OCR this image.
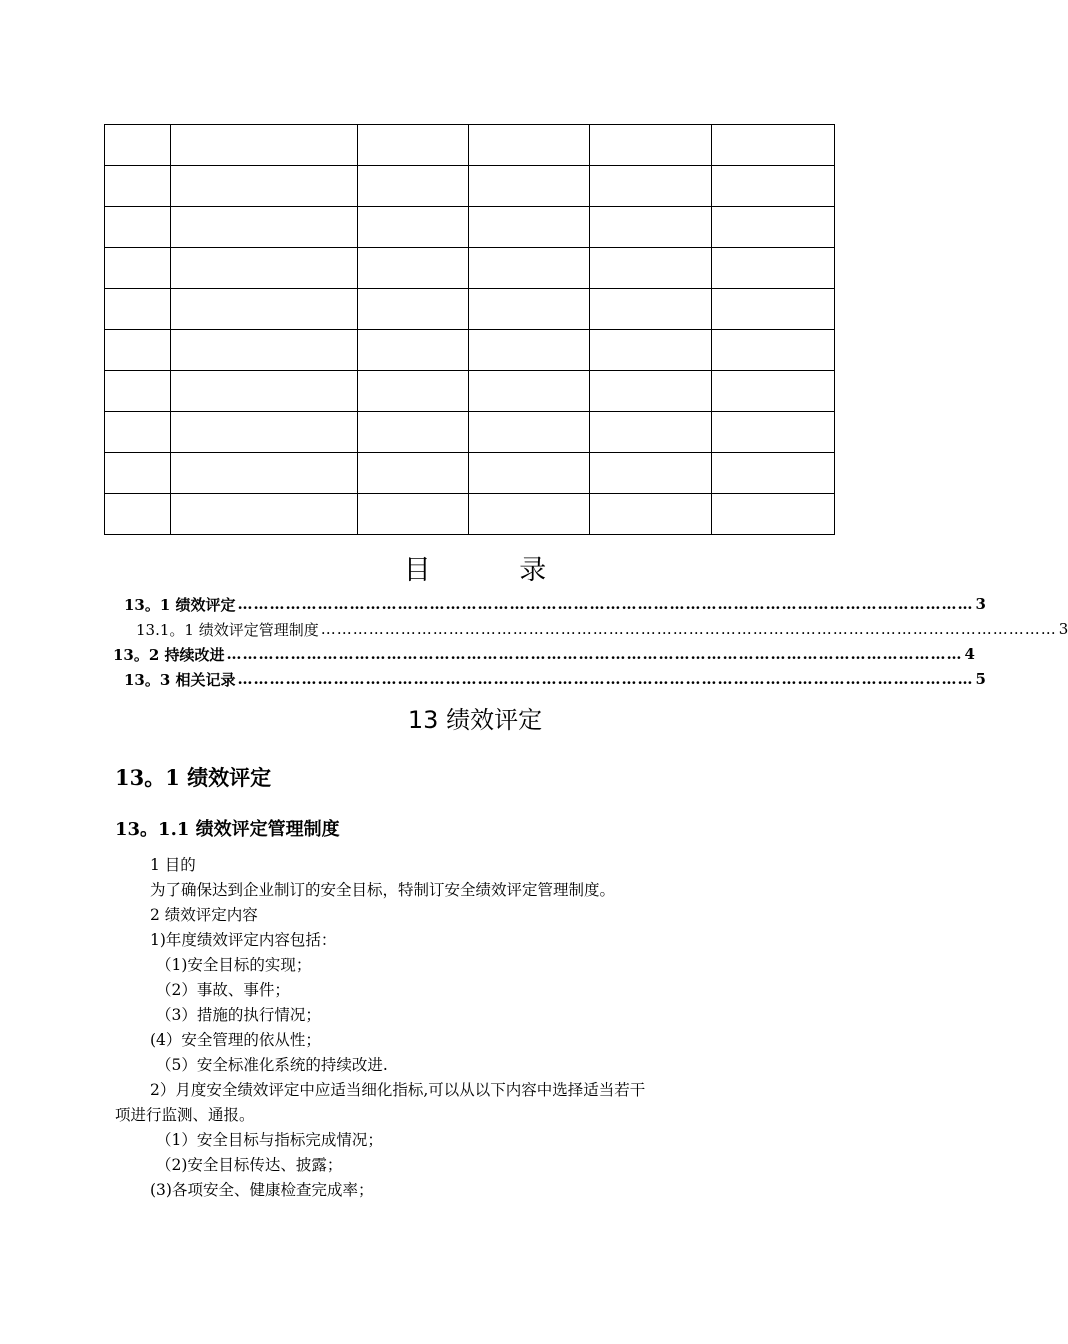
目 录
13。1 绩效评定 ………………………………………………………………………………………………………………………… 3
13.1。1 绩效评定管理制度 ………………………………………………………………………………………………………………………… 3
13。2 持续改进 ………………………………………………………………………………………………………………………… 4
13。3 相关记录 ………………………………………………………………………………………………………………………… 5
13 绩效评定
13。1 绩效评定
13。1.1 绩效评定管理制度
1 目的
为了确保达到企业制订的安全目标，特制订安全绩效评定管理制度。
2 绩效评定内容
1)年度绩效评定内容包括：
（1)安全目标的实现；
（2）事故、事件；
（3）措施的执行情况；
(4）安全管理的依从性；
（5）安全标准化系统的持续改进.
2）月度安全绩效评定中应适当细化指标,可以从以下内容中选择适当若干
项进行监测、通报。
（1）安全目标与指标完成情况；
（2)安全目标传达、披露；
(3)各项安全、健康检查完成率；
